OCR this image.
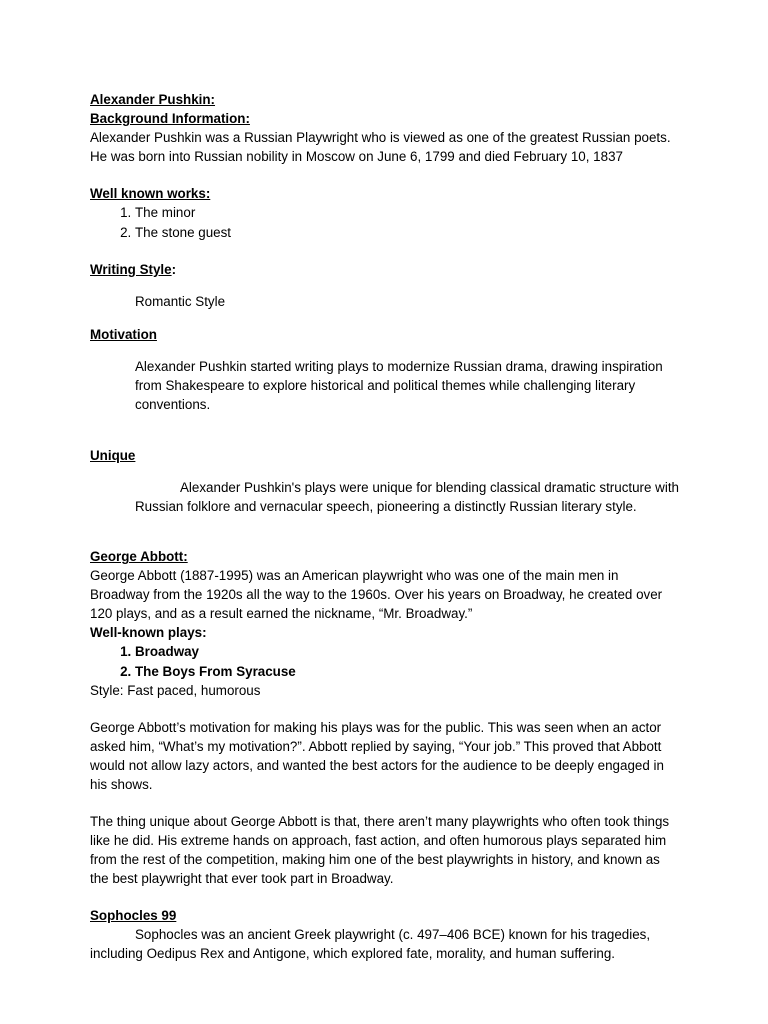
Alexander Pushkin:

Background Information:

Alexander Pushkin was a Russian Playwright who is viewed as one of the greatest Russian poets. He was born into Russian nobility in Moscow on June 6, 1799 and died February 10, 1837

Well known works:

1. The minor
2. The stone guest

Writing Style:

Romantic Style

Motivation

Alexander Pushkin started writing plays to modernize Russian drama, drawing inspiration from Shakespeare to explore historical and political themes while challenging literary conventions.

Unique

Alexander Pushkin's plays were unique for blending classical dramatic structure with Russian folklore and vernacular speech, pioneering a distinctly Russian literary style.

George Abbott:

George Abbott (1887-1995) was an American playwright who was one of the main men in Broadway from the 1920s all the way to the 1960s. Over his years on Broadway, he created over 120 plays, and as a result earned the nickname, “Mr. Broadway.”

Well-known plays:

1. Broadway
2. The Boys From Syracuse

Style: Fast paced, humorous

George Abbott’s motivation for making his plays was for the public. This was seen when an actor asked him, “What’s my motivation?”. Abbott replied by saying, “Your job.” This proved that Abbott would not allow lazy actors, and wanted the best actors for the audience to be deeply engaged in his shows.

The thing unique about George Abbott is that, there aren’t many playwrights who often took things like he did. His extreme hands on approach, fast action, and often humorous plays separated him from the rest of the competition, making him one of the best playwrights in history, and known as the best playwright that ever took part in Broadway.

Sophocles 99

Sophocles was an ancient Greek playwright (c. 497–406 BCE) known for his tragedies, including Oedipus Rex and Antigone, which explored fate, morality, and human suffering.
